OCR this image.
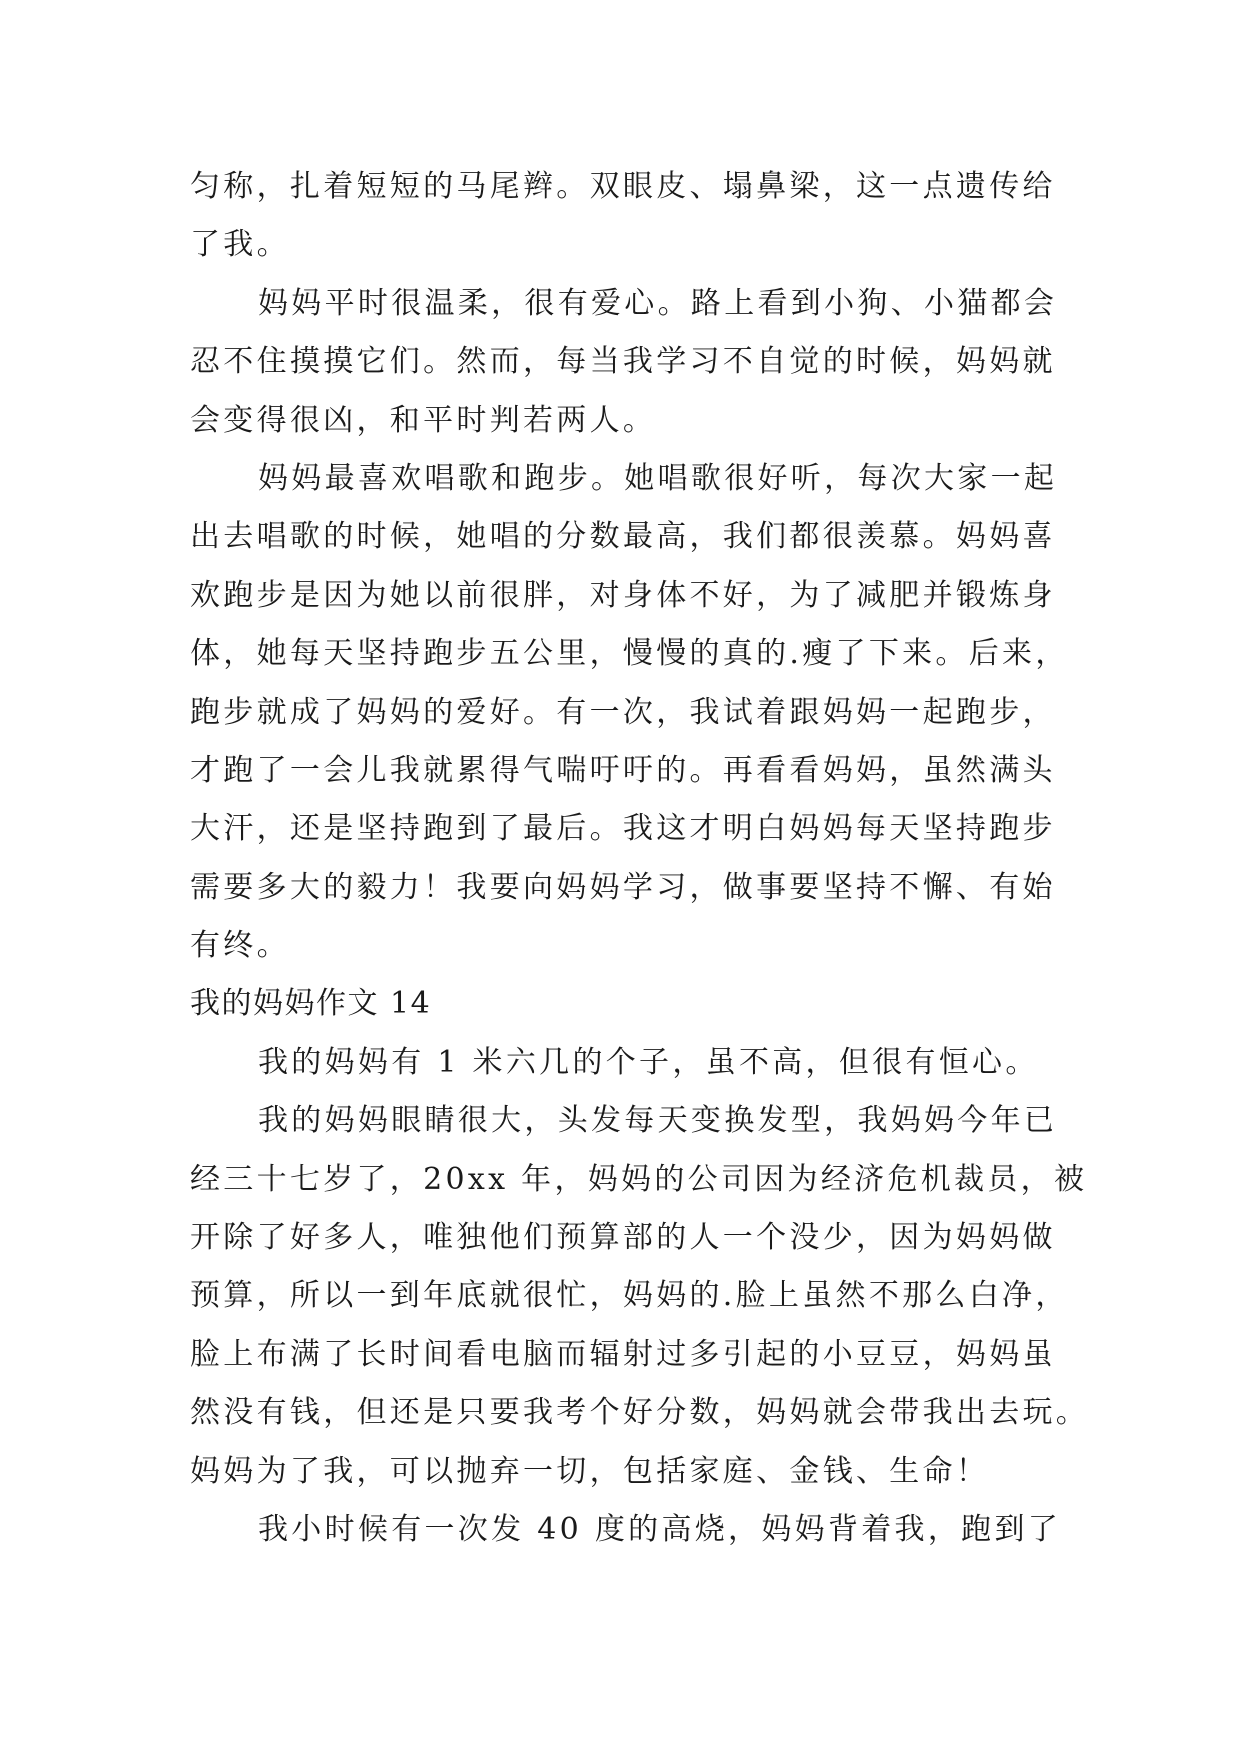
匀称，扎着短短的马尾辫。双眼皮、塌鼻梁，这一点遗传给
了我。
妈妈平时很温柔，很有爱心。路上看到小狗、小猫都会
忍不住摸摸它们。然而，每当我学习不自觉的时候，妈妈就
会变得很凶，和平时判若两人。
妈妈最喜欢唱歌和跑步。她唱歌很好听，每次大家一起
出去唱歌的时候，她唱的分数最高，我们都很羡慕。妈妈喜
欢跑步是因为她以前很胖，对身体不好，为了减肥并锻炼身
体，她每天坚持跑步五公里，慢慢的真的.瘦了下来。后来，
跑步就成了妈妈的爱好。有一次，我试着跟妈妈一起跑步，
才跑了一会儿我就累得气喘吁吁的。再看看妈妈，虽然满头
大汗，还是坚持跑到了最后。我这才明白妈妈每天坚持跑步
需要多大的毅力！我要向妈妈学习，做事要坚持不懈、有始
有终。
我的妈妈作文 14
我的妈妈有 1 米六几的个子，虽不高，但很有恒心。
我的妈妈眼睛很大，头发每天变换发型，我妈妈今年已
经三十七岁了，20xx 年，妈妈的公司因为经济危机裁员，被
开除了好多人，唯独他们预算部的人一个没少，因为妈妈做
预算，所以一到年底就很忙，妈妈的.脸上虽然不那么白净，
脸上布满了长时间看电脑而辐射过多引起的小豆豆，妈妈虽
然没有钱，但还是只要我考个好分数，妈妈就会带我出去玩。
妈妈为了我，可以抛弃一切，包括家庭、金钱、生命！
我小时候有一次发 40 度的高烧，妈妈背着我，跑到了
